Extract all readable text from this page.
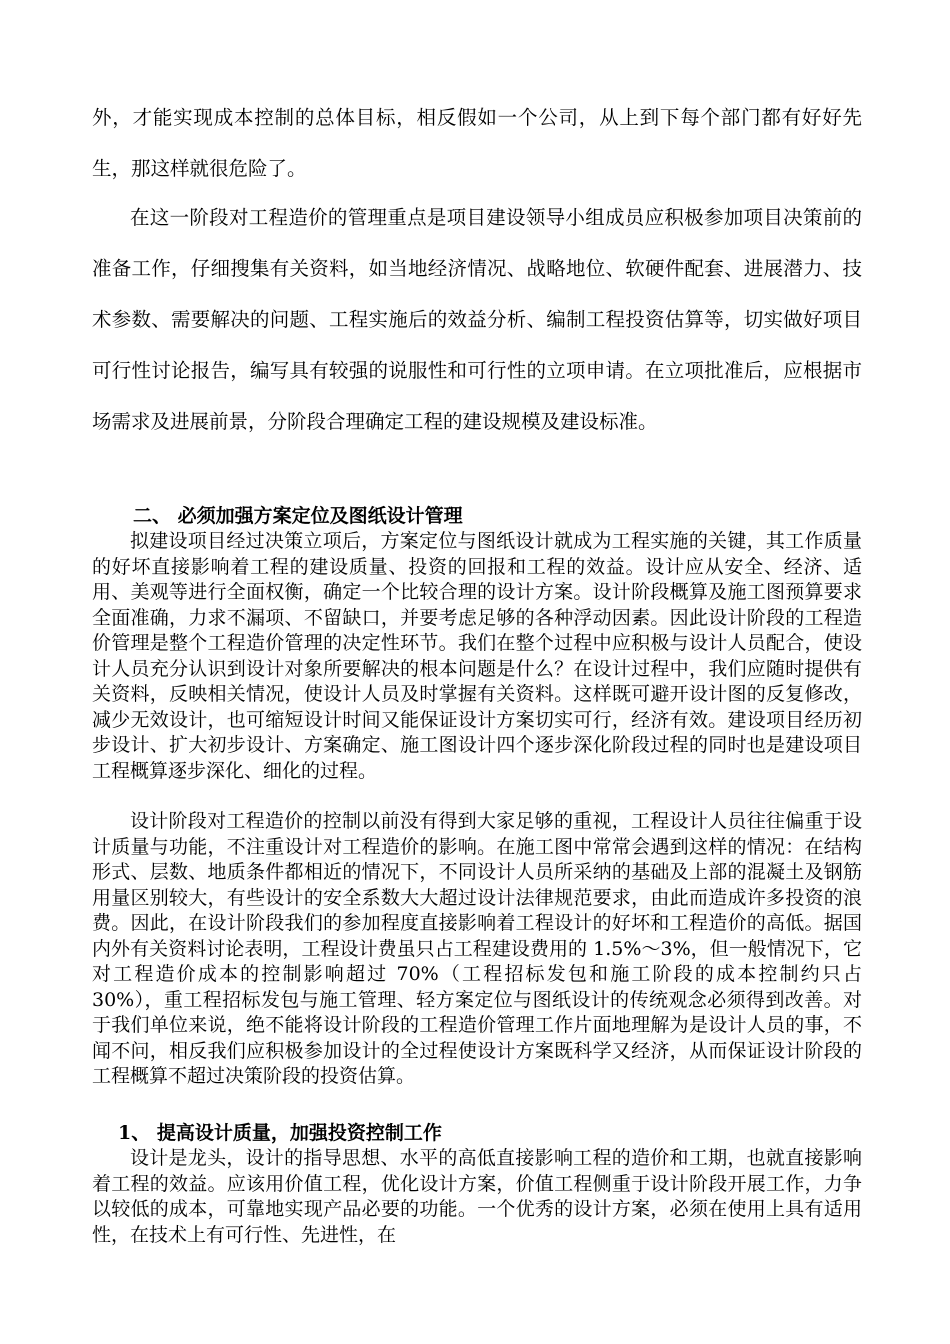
外，才能实现成本控制的总体目标，相反假如一个公司，从上到下每个部门都有好好先生，那这样就很危险了。

在这一阶段对工程造价的管理重点是项目建设领导小组成员应积极参加项目决策前的准备工作，仔细搜集有关资料，如当地经济情况、战略地位、软硬件配套、进展潜力、技术参数、需要解决的问题、工程实施后的效益分析、编制工程投资估算等，切实做好项目可行性讨论报告，编写具有较强的说服性和可行性的立项申请。在立项批准后，应根据市场需求及进展前景，分阶段合理确定工程的建设规模及建设标准。

二、 必须加强方案定位及图纸设计管理

拟建设项目经过决策立项后，方案定位与图纸设计就成为工程实施的关键，其工作质量的好坏直接影响着工程的建设质量、投资的回报和工程的效益。设计应从安全、经济、适用、美观等进行全面权衡，确定一个比较合理的设计方案。设计阶段概算及施工图预算要求全面准确，力求不漏项、不留缺口，并要考虑足够的各种浮动因素。因此设计阶段的工程造价管理是整个工程造价管理的决定性环节。我们在整个过程中应积极与设计人员配合，使设计人员充分认识到设计对象所要解决的根本问题是什么？在设计过程中，我们应随时提供有关资料，反映相关情况，使设计人员及时掌握有关资料。这样既可避开设计图的反复修改，减少无效设计，也可缩短设计时间又能保证设计方案切实可行，经济有效。建设项目经历初步设计、扩大初步设计、方案确定、施工图设计四个逐步深化阶段过程的同时也是建设项目工程概算逐步深化、细化的过程。

设计阶段对工程造价的控制以前没有得到大家足够的重视，工程设计人员往往偏重于设计质量与功能，不注重设计对工程造价的影响。在施工图中常常会遇到这样的情况：在结构形式、层数、地质条件都相近的情况下，不同设计人员所采纳的基础及上部的混凝土及钢筋用量区别较大，有些设计的安全系数大大超过设计法律规范要求，由此而造成许多投资的浪费。因此，在设计阶段我们的参加程度直接影响着工程设计的好坏和工程造价的高低。据国内外有关资料讨论表明，工程设计费虽只占工程建设费用的 1.5%～3%，但一般情况下，它对工程造价成本的控制影响超过 70%（工程招标发包和施工阶段的成本控制约只占 30%），重工程招标发包与施工管理、轻方案定位与图纸设计的传统观念必须得到改善。对于我们单位来说，绝不能将设计阶段的工程造价管理工作片面地理解为是设计人员的事，不闻不问，相反我们应积极参加设计的全过程使设计方案既科学又经济，从而保证设计阶段的工程概算不超过决策阶段的投资估算。

1、 提高设计质量，加强投资控制工作

设计是龙头，设计的指导思想、水平的高低直接影响工程的造价和工期，也就直接影响着工程的效益。应该用价值工程，优化设计方案，价值工程侧重于设计阶段开展工作，力争以较低的成本，可靠地实现产品必要的功能。一个优秀的设计方案，必须在使用上具有适用性，在技术上有可行性、先进性，在
